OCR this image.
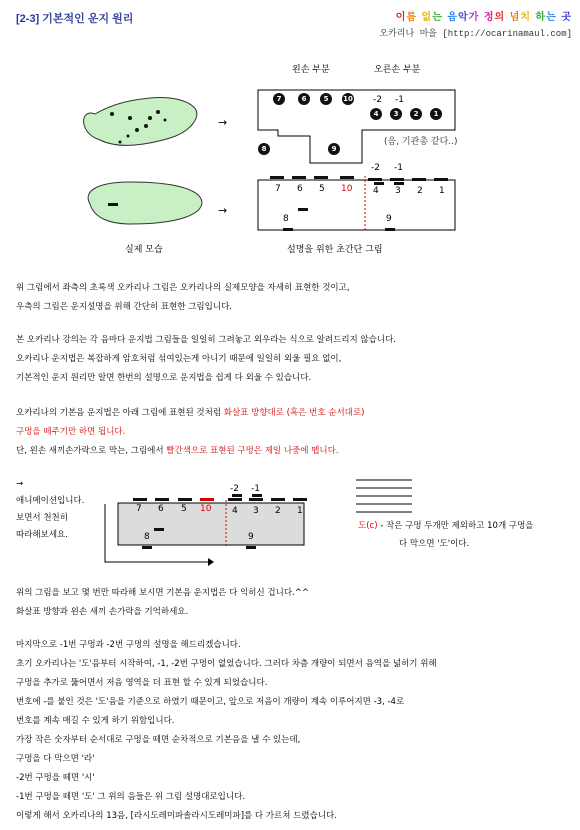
[2-3] 기본적인 운지 원리	이름 없는 음악가 정의 넘치 하는 곳
오카리나 마을 [http://ocarinamaul.com]
왼손 부분	오른손 부분
→
→
7	6	5	10 -2 -1
4	3	2	1
(음, 기관총 같다..)
8	9
-2 -1
7 6 5 10 4 3 2 1
8	9
실제 모습	설명을 위한 초간단 그림
위 그림에서 좌측의 초록색 오카리나 그림은 오카리나의 실제모양을 자세히 표현한 것이고,
우측의 그림은 운지설명을 위해 간단히 표현한 그림입니다.
본 오카리나 강의는 각 음마다 운지법 그림들을 일일히 그려놓고 외우라는 식으로 알려드리지 않습니다.
오카리나 운지법은 복잡하게 암호처럼 섞여있는게 아니기 때문에 일일히 외울 필요 없이,
기본적인 운지 원리만 알면 한번의 설명으로 운지법을 쉽게 다 외울 수 있습니다.
오카리나의 기본음 운지법은 아래 그림에 표현된 것처럼 화살표 방향대로 (혹은 번호 순서대로)
구멍을 떼주기만 하면 됩니다.
단, 왼손 새끼손가락으로 막는, 그림에서 빨간색으로 표현된 구멍은 제일 나중에 뗍니다.
→
애니메이션입니다.
보면서 천천히
따라해보세요.
-2 -1
7 6 5 10 4 3 2 1
8	9
도(c) - 작은 구멍 두개만 제외하고 10개 구멍을
다 막으면 '도'이다.
위의 그림을 보고 몇 번만 따라해 보시면 기본음 운지법은 다 익히신 겁니다.^^
화살표 방향과 왼손 새끼 손가락을 기억하세요.
마지막으로 -1번 구멍과 -2번 구멍의 설명을 해드리겠습니다.
초기 오카리나는 '도'음부터 시작하여, -1, -2번 구멍이 없었습니다. 그러다 차츰 개량이 되면서 음역을 넓히기 위해
구멍을 추가로 뚫어면서 저음 영역을 더 표현 할 수 있게 되었습니다.
번호에 -를 붙인 것은 '도'음을 기준으로 하였기 때문이고, 앞으로 저음이 개량이 계속 이루어지면 -3, -4로
번호를 계속 매길 수 있게 하기 위함입니다.
가장 작은 숫자부터 순서대로 구멍을 떼면 순차적으로 기본음을 낼 수 있는데,
구멍을 다 막으면 '라'
-2번 구멍을 떼면 '시'
-1번 구멍을 떼면 '도' 그 위의 음들은 위 그림 설명대로입니다.
이렇게 해서 오카리나의 13음, [라시도레미파솔라시도레미파]를 다 가르쳐 드렸습니다.
